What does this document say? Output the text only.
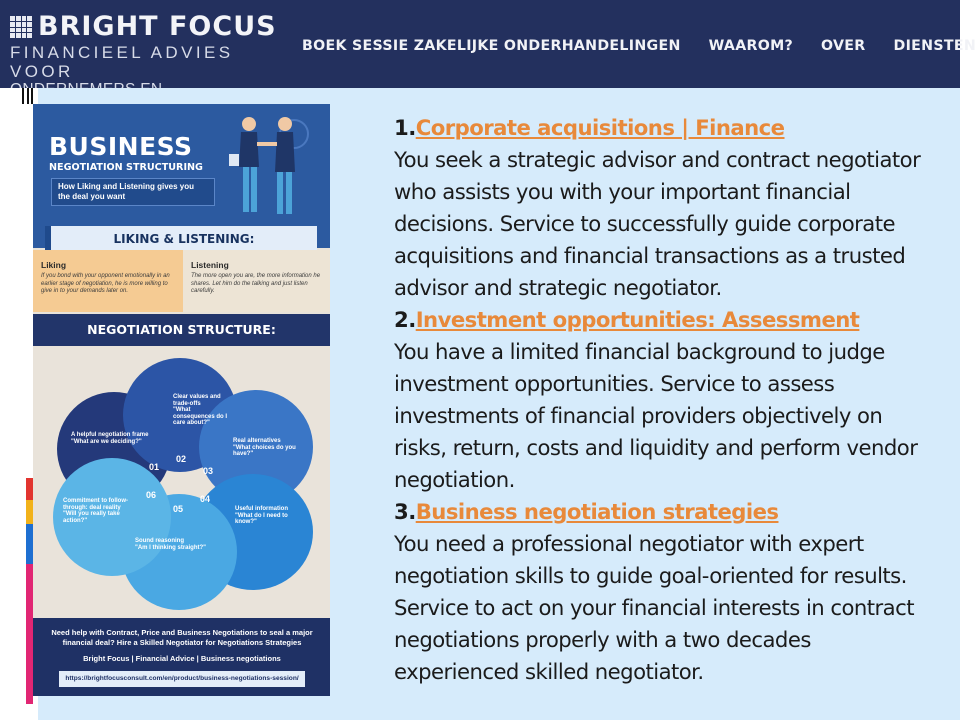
BRIGHT FOCUS
FINANCIEEL ADVIES VOOR
BOEK SESSIE ZAKELIJKE ONDERHANDELINGEN WAAROM? OVER DIENSTEN
BUSINESS
NEGOTIATION STRUCTURING
How Liking and Listening gives you the deal you want
LIKING & LISTENING:
Liking
If you bond with your opponent emotionally in an earlier stage of negotiation, he is more willing to give in to your demands later on.
Listening
The more open you are, the more information he shares. Let him do the talking and just listen carefully.
NEGOTIATION STRUCTURE:
01
02
03
04
05
06
A helpful negotiation frame
"What are we deciding?"
Clear values and trade-offs
"What consequences do I care about?"
Real alternatives
"What choices do you have?"
Useful information
"What do I need to know?"
Sound reasoning
"Am I thinking straight?"
Commitment to follow-through: deal reality
"Will you really take action?"
Need help with Contract, Price and Business Negotiations to seal a major financial deal? Hire a Skilled Negotiator for Negotiations Strategies
Bright Focus | Financial Advice | Business negotiations
https://brightfocusconsult.com/en/product/business-negotiations-session/
1.Corporate acquisitions | Finance
You seek a strategic advisor and contract negotiator who assists you with your important financial decisions. Service to successfully guide corporate acquisitions and financial transactions as a trusted advisor and strategic negotiator.
2.Investment opportunities: Assessment
You have a limited financial background to judge investment opportunities. Service to assess investments of financial providers objectively on risks, return, costs and liquidity and perform vendor negotiation.
3.Business negotiation strategies
You need a professional negotiator with expert negotiation skills to guide goal-oriented for results. Service to act on your financial interests in contract negotiations properly with a two decades experienced skilled negotiator.
